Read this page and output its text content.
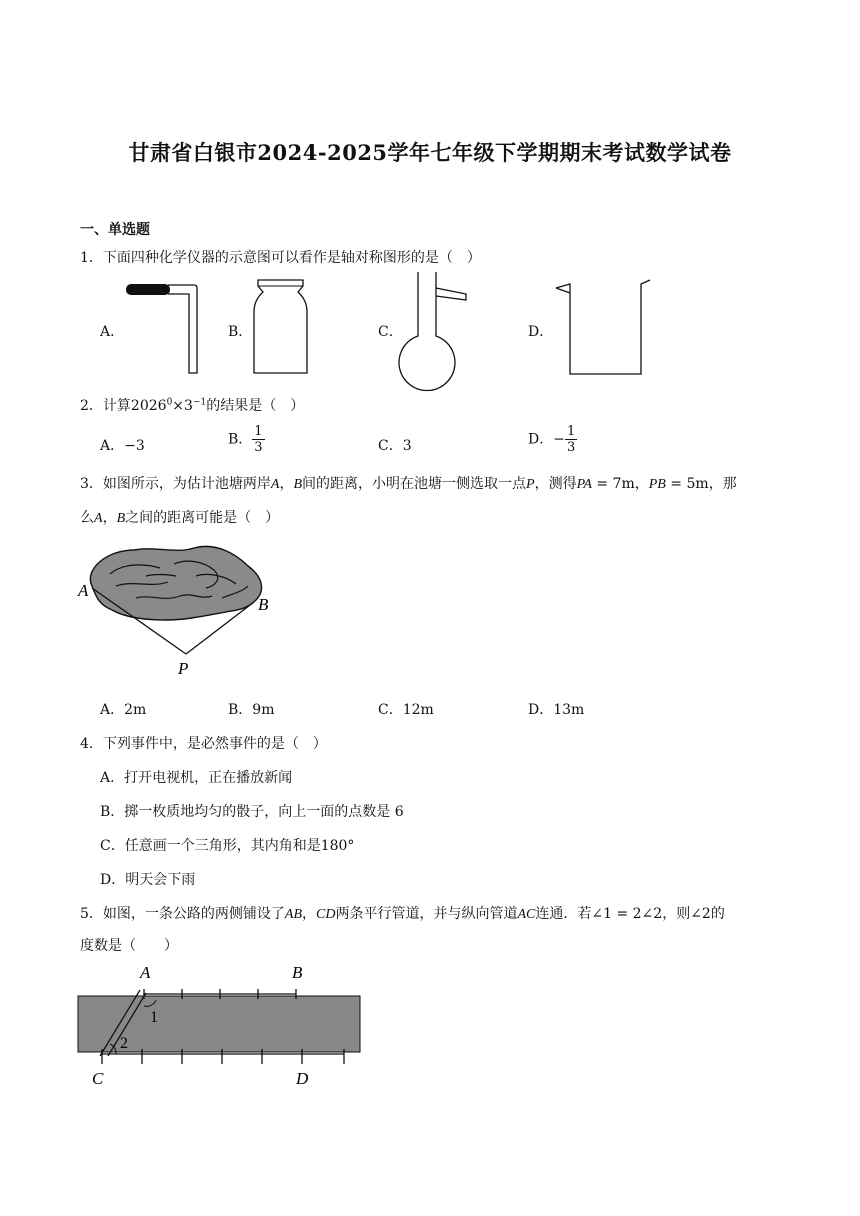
甘肃省白银市2024-2025学年七年级下学期期末考试数学试卷
一、单选题
1．下面四种化学仪器的示意图可以看作是轴对称图形的是（　）
A．	B．	C．	D．
2．计算$2026^0\times 3^{-1}$的结果是（　）
A．−3	B． $\frac{1}{3}$	C．3	D．− $\frac{1}{3}$
3．如图所示，为估计池塘两岸A，B间的距离，小明在池塘一侧选取一点P，测得PA = 7m，PB = 5m，那
么A，B之间的距离可能是（　）
A
B
P
A．2m	B．9m	C．12m	D．13m
4．下列事件中，是必然事件的是（　）
A．打开电视机，正在播放新闻
B．掷一枚质地均匀的骰子，向上一面的点数是 6
C．任意画一个三角形，其内角和是180°
D．明天会下雨
5．如图，一条公路的两侧铺设了AB，CD两条平行管道，并与纵向管道AC连通．若∠1 = 2∠2，则∠2的
度数是（　　）
A	B
C	D
1
2
